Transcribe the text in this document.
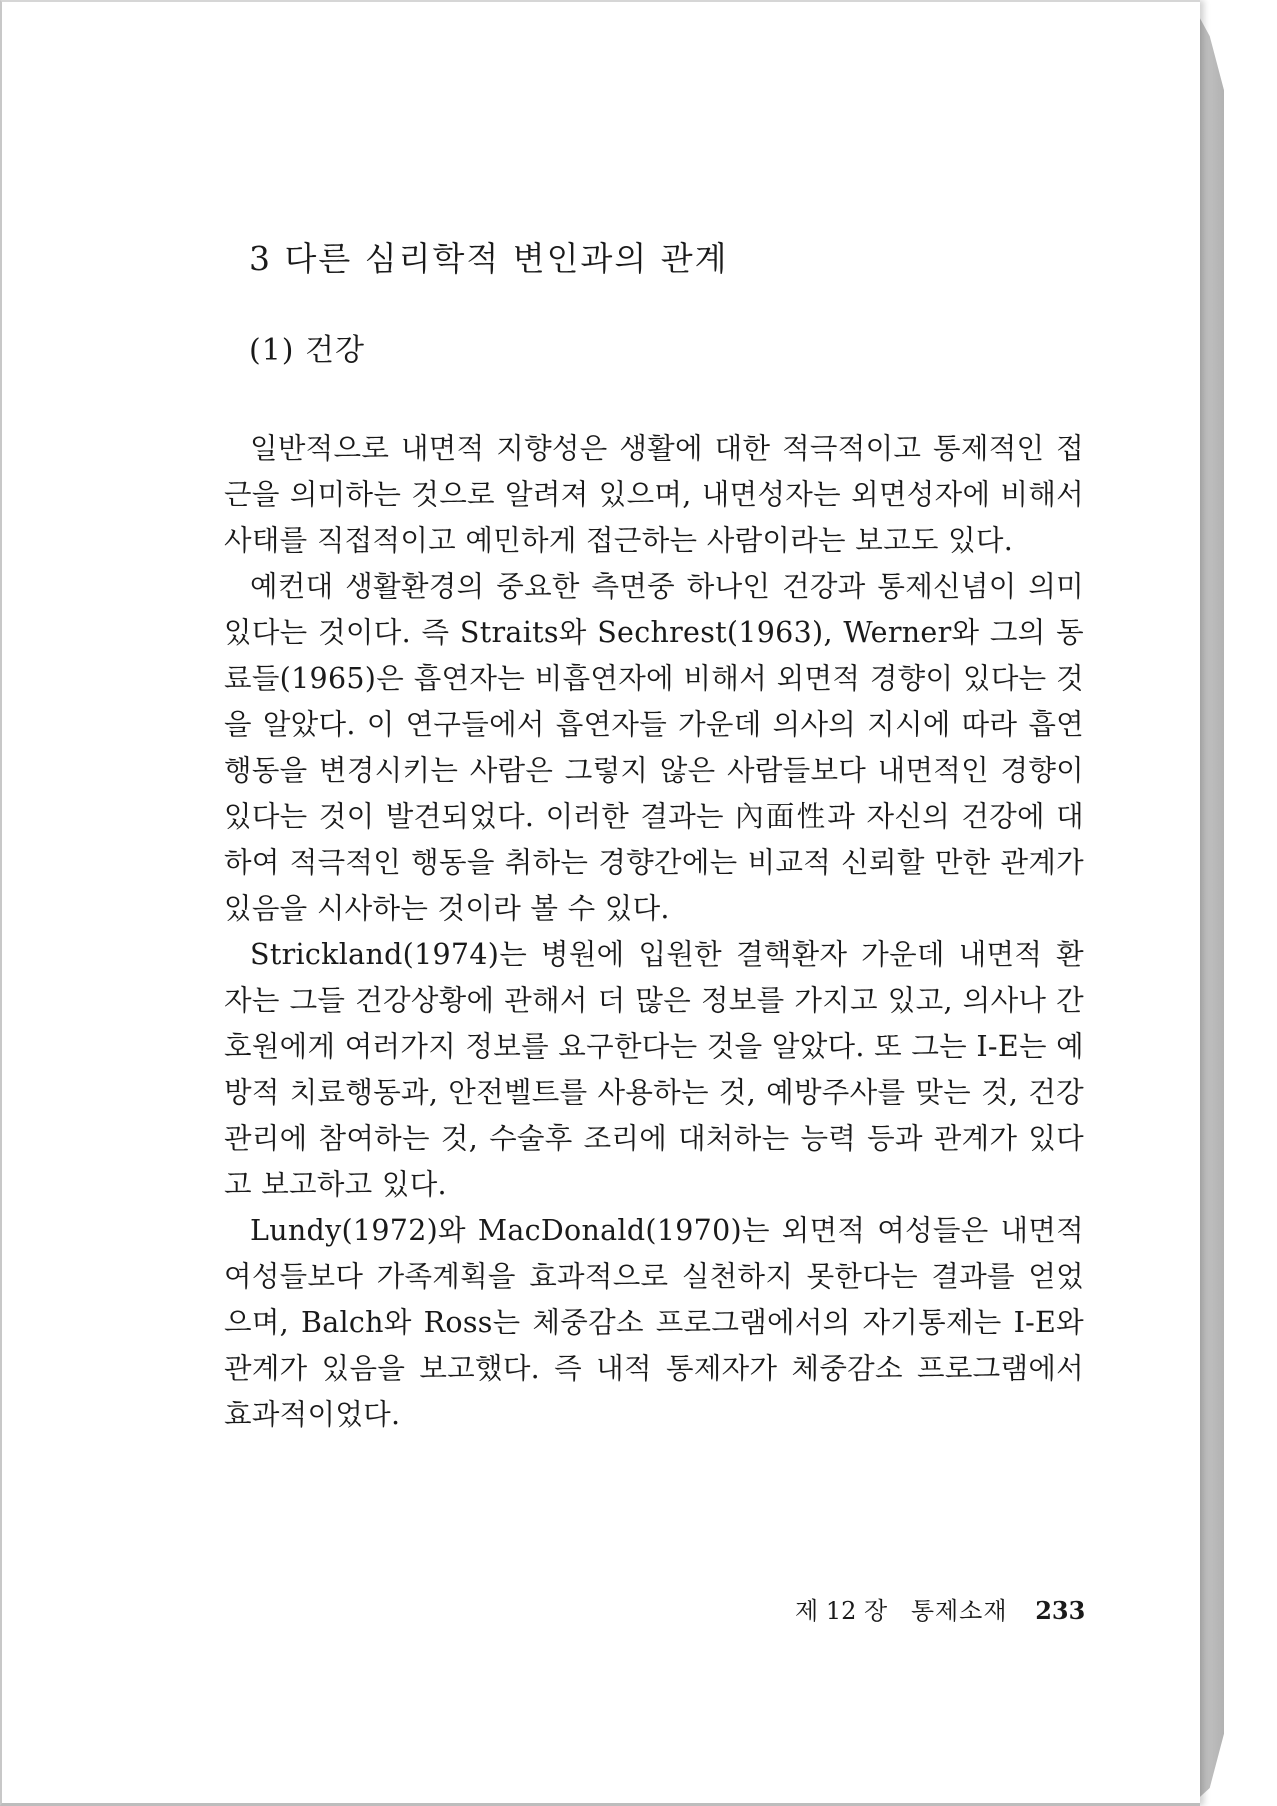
3 다른 심리학적 변인과의 관계
(1) 건강

일반적으로 내면적 지향성은 생활에 대한 적극적이고 통제적인 접근을 의미하는 것으로 알려져 있으며, 내면성자는 외면성자에 비해서 사태를 직접적이고 예민하게 접근하는 사람이라는 보고도 있다.

예컨대 생활환경의 중요한 측면중 하나인 건강과 통제신념이 의미있다는 것이다. 즉 Straits와 Sechrest(1963), Werner와 그의 동료들(1965)은 흡연자는 비흡연자에 비해서 외면적 경향이 있다는 것을 알았다. 이 연구들에서 흡연자들 가운데 의사의 지시에 따라 흡연행동을 변경시키는 사람은 그렇지 않은 사람들보다 내면적인 경향이 있다는 것이 발견되었다. 이러한 결과는 內面性과 자신의 건강에 대하여 적극적인 행동을 취하는 경향간에는 비교적 신뢰할 만한 관계가 있음을 시사하는 것이라 볼 수 있다.

Strickland(1974)는 병원에 입원한 결핵환자 가운데 내면적 환자는 그들 건강상황에 관해서 더 많은 정보를 가지고 있고, 의사나 간호원에게 여러가지 정보를 요구한다는 것을 알았다. 또 그는 I-E는 예방적 치료행동과, 안전벨트를 사용하는 것, 예방주사를 맞는 것, 건강관리에 참여하는 것, 수술후 조리에 대처하는 능력 등과 관계가 있다고 보고하고 있다.

Lundy(1972)와 MacDonald(1970)는 외면적 여성들은 내면적 여성들보다 가족계획을 효과적으로 실천하지 못한다는 결과를 얻었으며, Balch와 Ross는 체중감소 프로그램에서의 자기통제는 I-E와 관계가 있음을 보고했다. 즉 내적 통제자가 체중감소 프로그램에서 효과적이었다.

제 12 장 통제소재 233
